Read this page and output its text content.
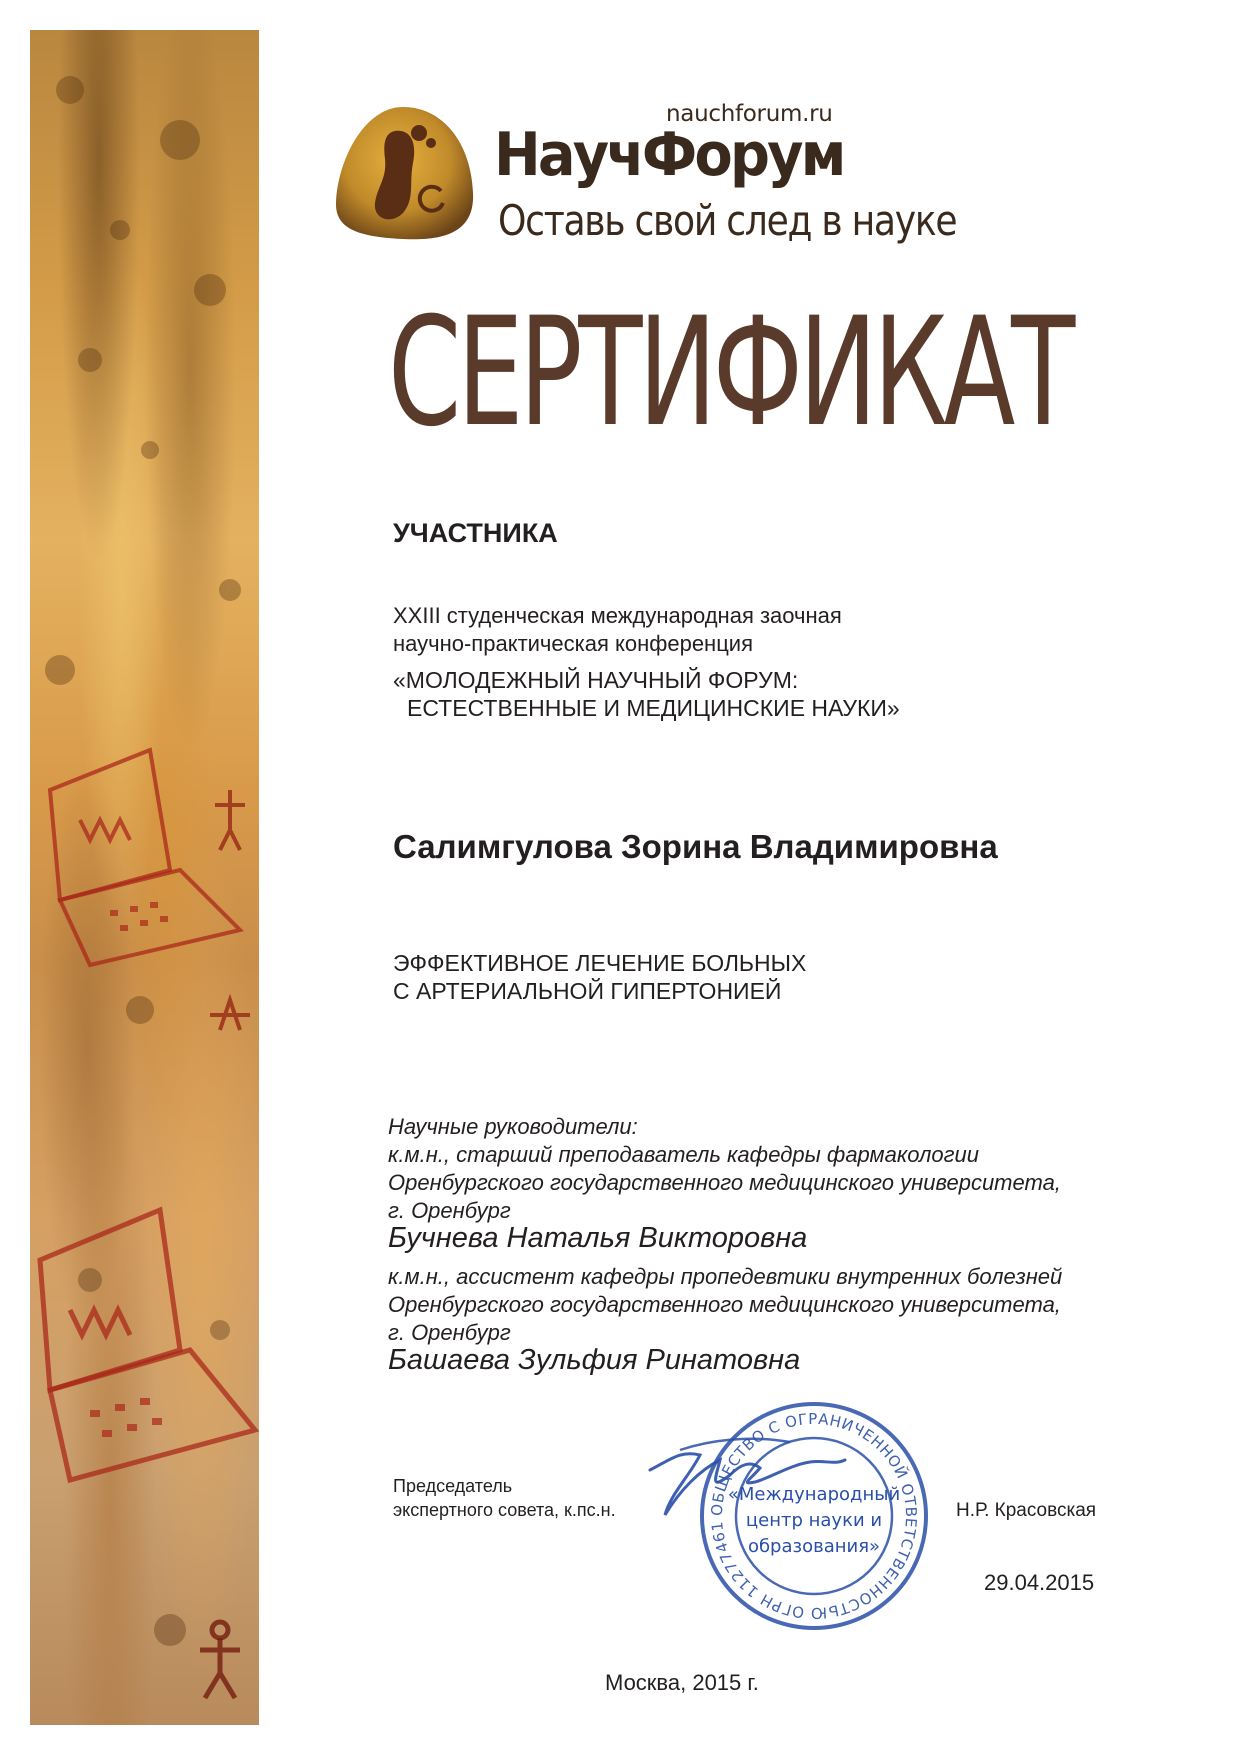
nauchforum.ru
НаучФорум
Оставь свой след в науке
СЕРТИФИКАТ
УЧАСТНИКА
XXIII студенческая международная заочная
научно-практическая конференция
«МОЛОДЕЖНЫЙ НАУЧНЫЙ ФОРУМ:
ЕСТЕСТВЕННЫЕ И МЕДИЦИНСКИЕ НАУКИ»
Салимгулова Зорина Владимировна
ЭФФЕКТИВНОЕ ЛЕЧЕНИЕ БОЛЬНЫХ
С АРТЕРИАЛЬНОЙ ГИПЕРТОНИЕЙ
Научные руководители:
к.м.н., старший преподаватель кафедры фармакологии
Оренбургского государственного медицинского университета,
г. Оренбург
Бучнева Наталья Викторовна
к.м.н., ассистент кафедры пропедевтики внутренних болезней
Оренбургского государственного медицинского университета,
г. Оренбург
Башаева Зульфия Ринатовна
Председатель
экспертного совета, к.пс.н.	Н.Р. Красовская
29.04.2015
Москва, 2015 г.
ОБЩЕСТВО С ОГРАНИЧЕННОЙ ОТВЕТСТВЕННОСТЬЮ ОГРН 11277461
«Международный
центр науки и
образования»
